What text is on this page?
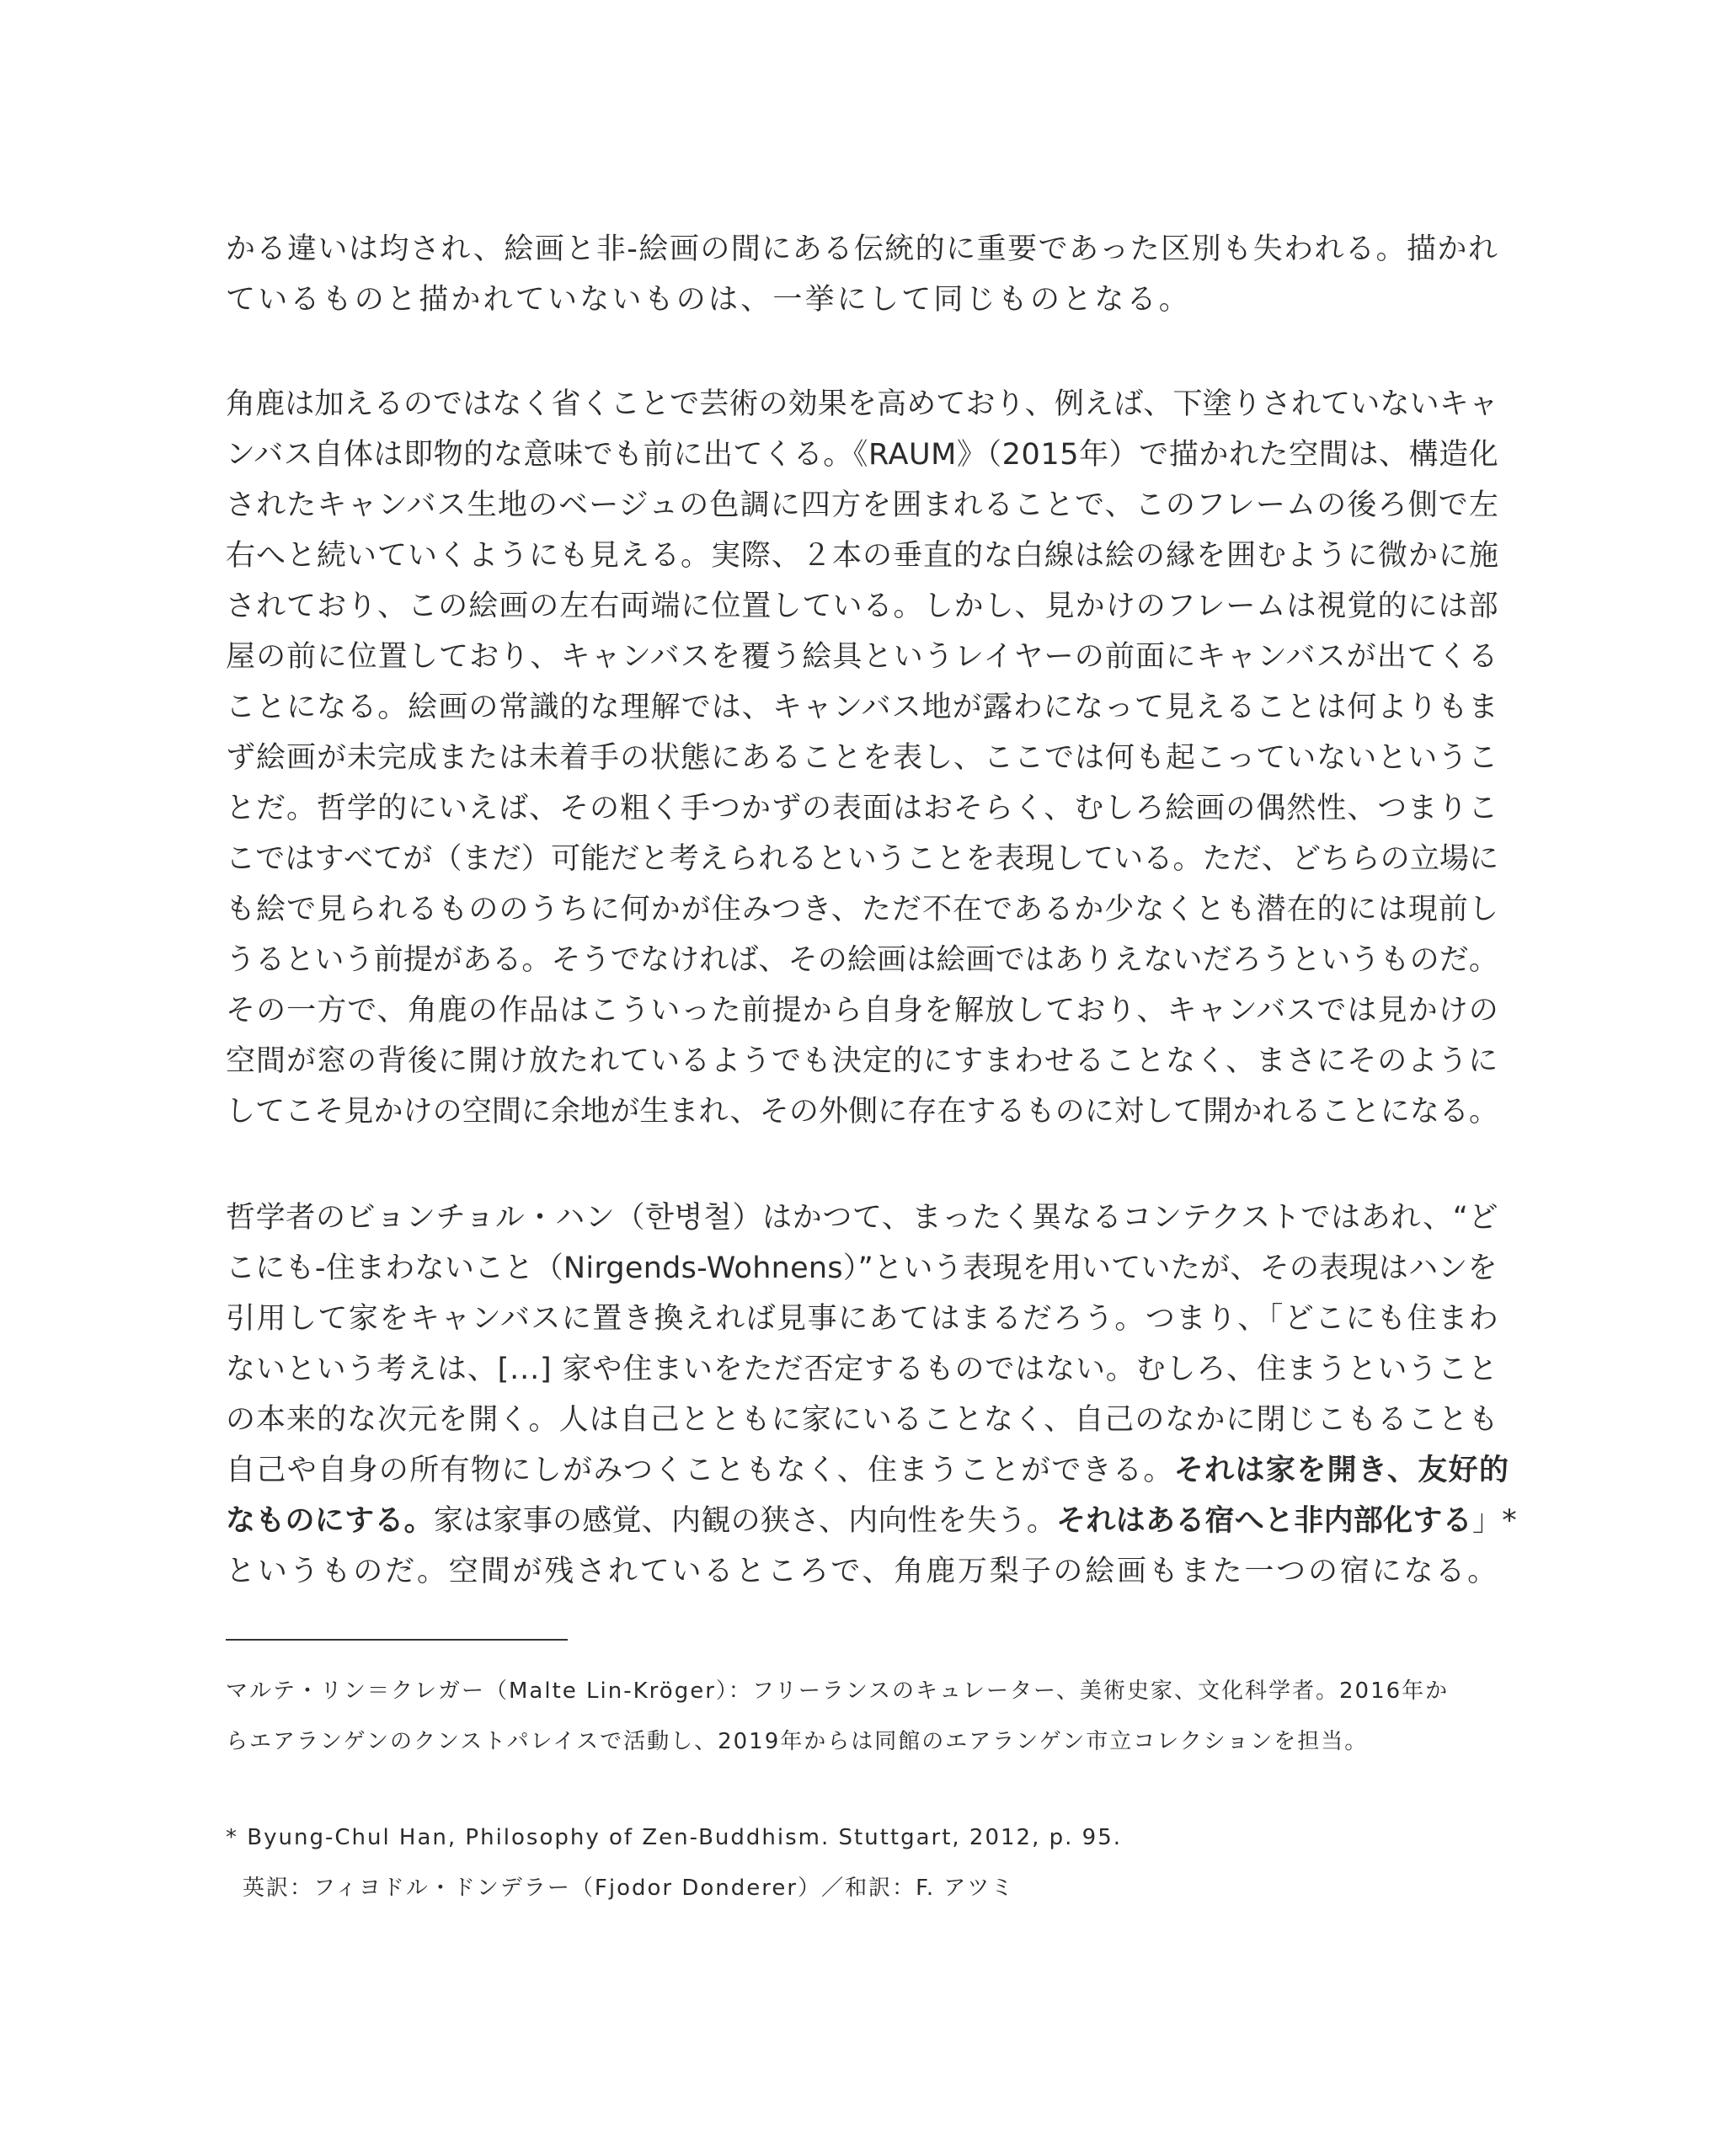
かる違いは均され、絵画と非-絵画の間にある伝統的に重要であった区別も失われる。描かれ
ているものと描かれていないものは、一挙にして同じものとなる。
角鹿は加えるのではなく省くことで芸術の効果を高めており、例えば、下塗りされていないキャ
ンバス自体は即物的な意味でも前に出てくる。《RAUM》（2015年）で描かれた空間は、構造化
されたキャンバス生地のベージュの色調に四方を囲まれることで、このフレームの後ろ側で左
右へと続いていくようにも見える。実際、２本の垂直的な白線は絵の縁を囲むように微かに施
されており、この絵画の左右両端に位置している。しかし、見かけのフレームは視覚的には部
屋の前に位置しており、キャンバスを覆う絵具というレイヤーの前面にキャンバスが出てくる
ことになる。絵画の常識的な理解では、キャンバス地が露わになって見えることは何よりもま
ず絵画が未完成または未着手の状態にあることを表し、ここでは何も起こっていないというこ
とだ。哲学的にいえば、その粗く手つかずの表面はおそらく、むしろ絵画の偶然性、つまりこ
こではすべてが（まだ）可能だと考えられるということを表現している。ただ、どちらの立場に
も絵で見られるもののうちに何かが住みつき、ただ不在であるか少なくとも潜在的には現前し
うるという前提がある。そうでなければ、その絵画は絵画ではありえないだろうというものだ。
その一方で、角鹿の作品はこういった前提から自身を解放しており、キャンバスでは見かけの
空間が窓の背後に開け放たれているようでも決定的にすまわせることなく、まさにそのように
してこそ見かけの空間に余地が生まれ、その外側に存在するものに対して開かれることになる。
哲学者のビョンチョル・ハン（한병철）はかつて、まったく異なるコンテクストではあれ、“ど
こにも-住まわないこと（Nirgends-Wohnens）”という表現を用いていたが、その表現はハンを
引用して家をキャンバスに置き換えれば見事にあてはまるだろう。つまり、「どこにも住まわ
ないという考えは、[...] 家や住まいをただ否定するものではない。むしろ、住まうということ
の本来的な次元を開く。人は自己とともに家にいることなく、自己のなかに閉じこもることも
自己や自身の所有物にしがみつくこともなく、住まうことができる。それは家を開き、友好的
なものにする。家は家事の感覚、内観の狭さ、内向性を失う。それはある宿へと非内部化する」*
というものだ。空間が残されているところで、角鹿万梨子の絵画もまた一つの宿になる。
マルテ・リン＝クレガー（Malte Lin-Kröger）：フリーランスのキュレーター、美術史家、文化科学者。2016年か
らエアランゲンのクンストパレイスで活動し、2019年からは同館のエアランゲン市立コレクションを担当。
* Byung-Chul Han, Philosophy of Zen-Buddhism. Stuttgart, 2012, p. 95.
英訳：フィヨドル・ドンデラー（Fjodor Donderer）／和訳：F. アツミ
